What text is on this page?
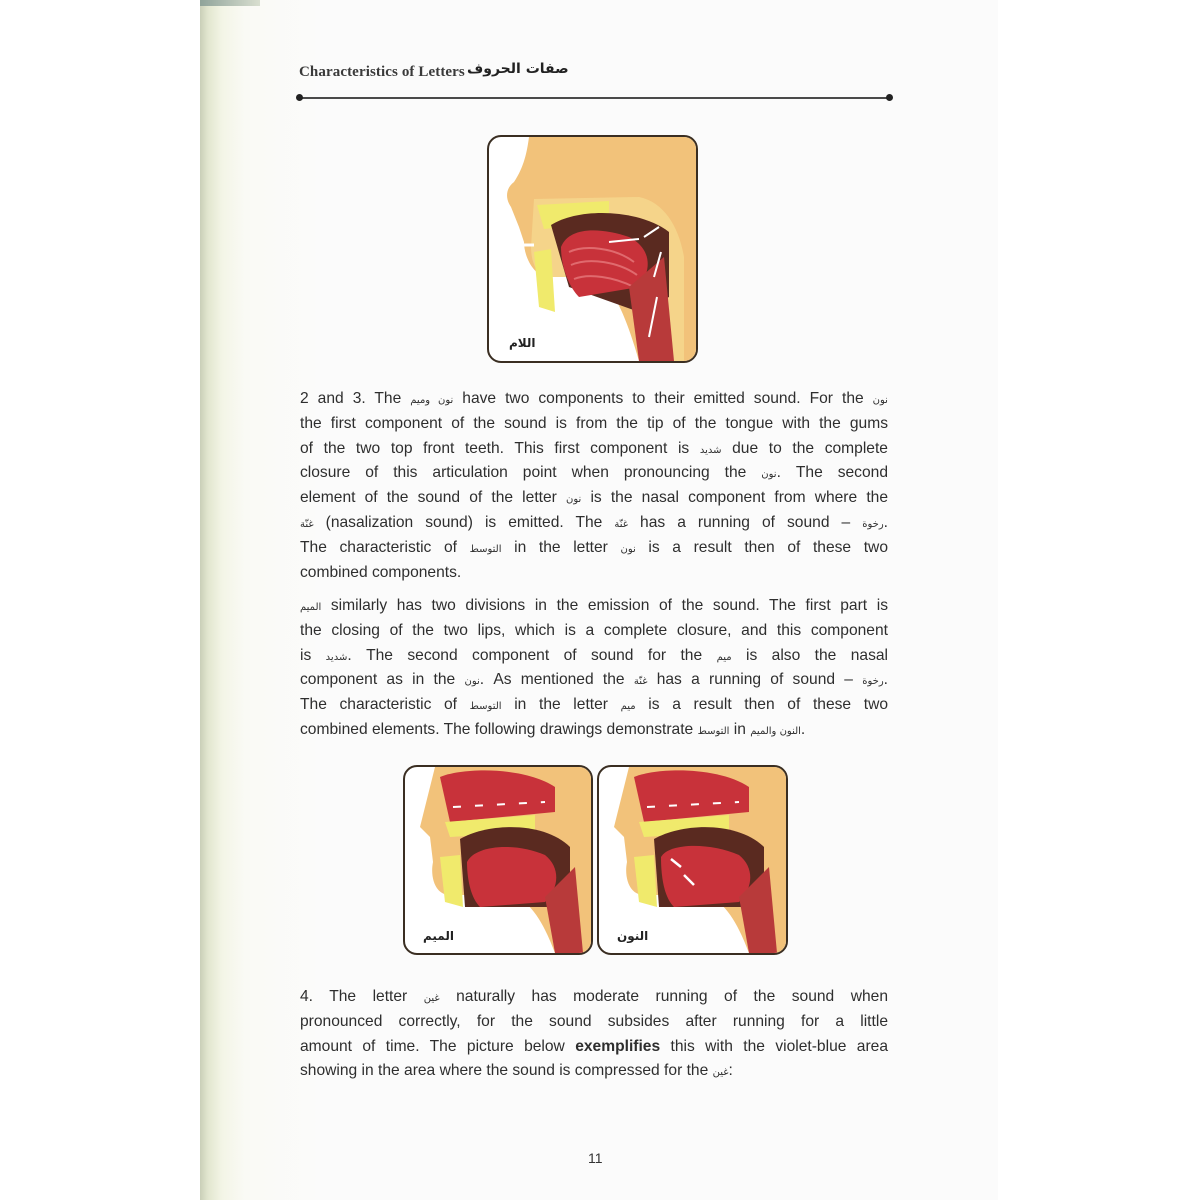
Characteristics of Letters صفات الحروف
اللام
2 and 3. The نون وميم have two components to their emitted sound. For the نون
the first component of the sound is from the tip of the tongue with the gums
of the two top front teeth. This first component is شديد due to the complete
closure of this articulation point when pronouncing the نون. The second
element of the sound of the letter نون is the nasal component from where the
غنّة (nasalization sound) is emitted. The غنّة has a running of sound – رخوة.
The characteristic of التوسط in the letter نون is a result then of these two
combined components.
الميم similarly has two divisions in the emission of the sound. The first part is
the closing of the two lips, which is a complete closure, and this component
is شديد. The second component of sound for the ميم is also the nasal
component as in the نون. As mentioned the غنّة has a running of sound – رخوة.
The characteristic of التوسط in the letter ميم is a result then of these two
combined elements. The following drawings demonstrate التوسط in النون والميم.
الميم	النون
4. The letter غين naturally has moderate running of the sound when
pronounced correctly, for the sound subsides after running for a little
amount of time. The picture below exemplifies this with the violet-blue area
showing in the area where the sound is compressed for the غين:
11
